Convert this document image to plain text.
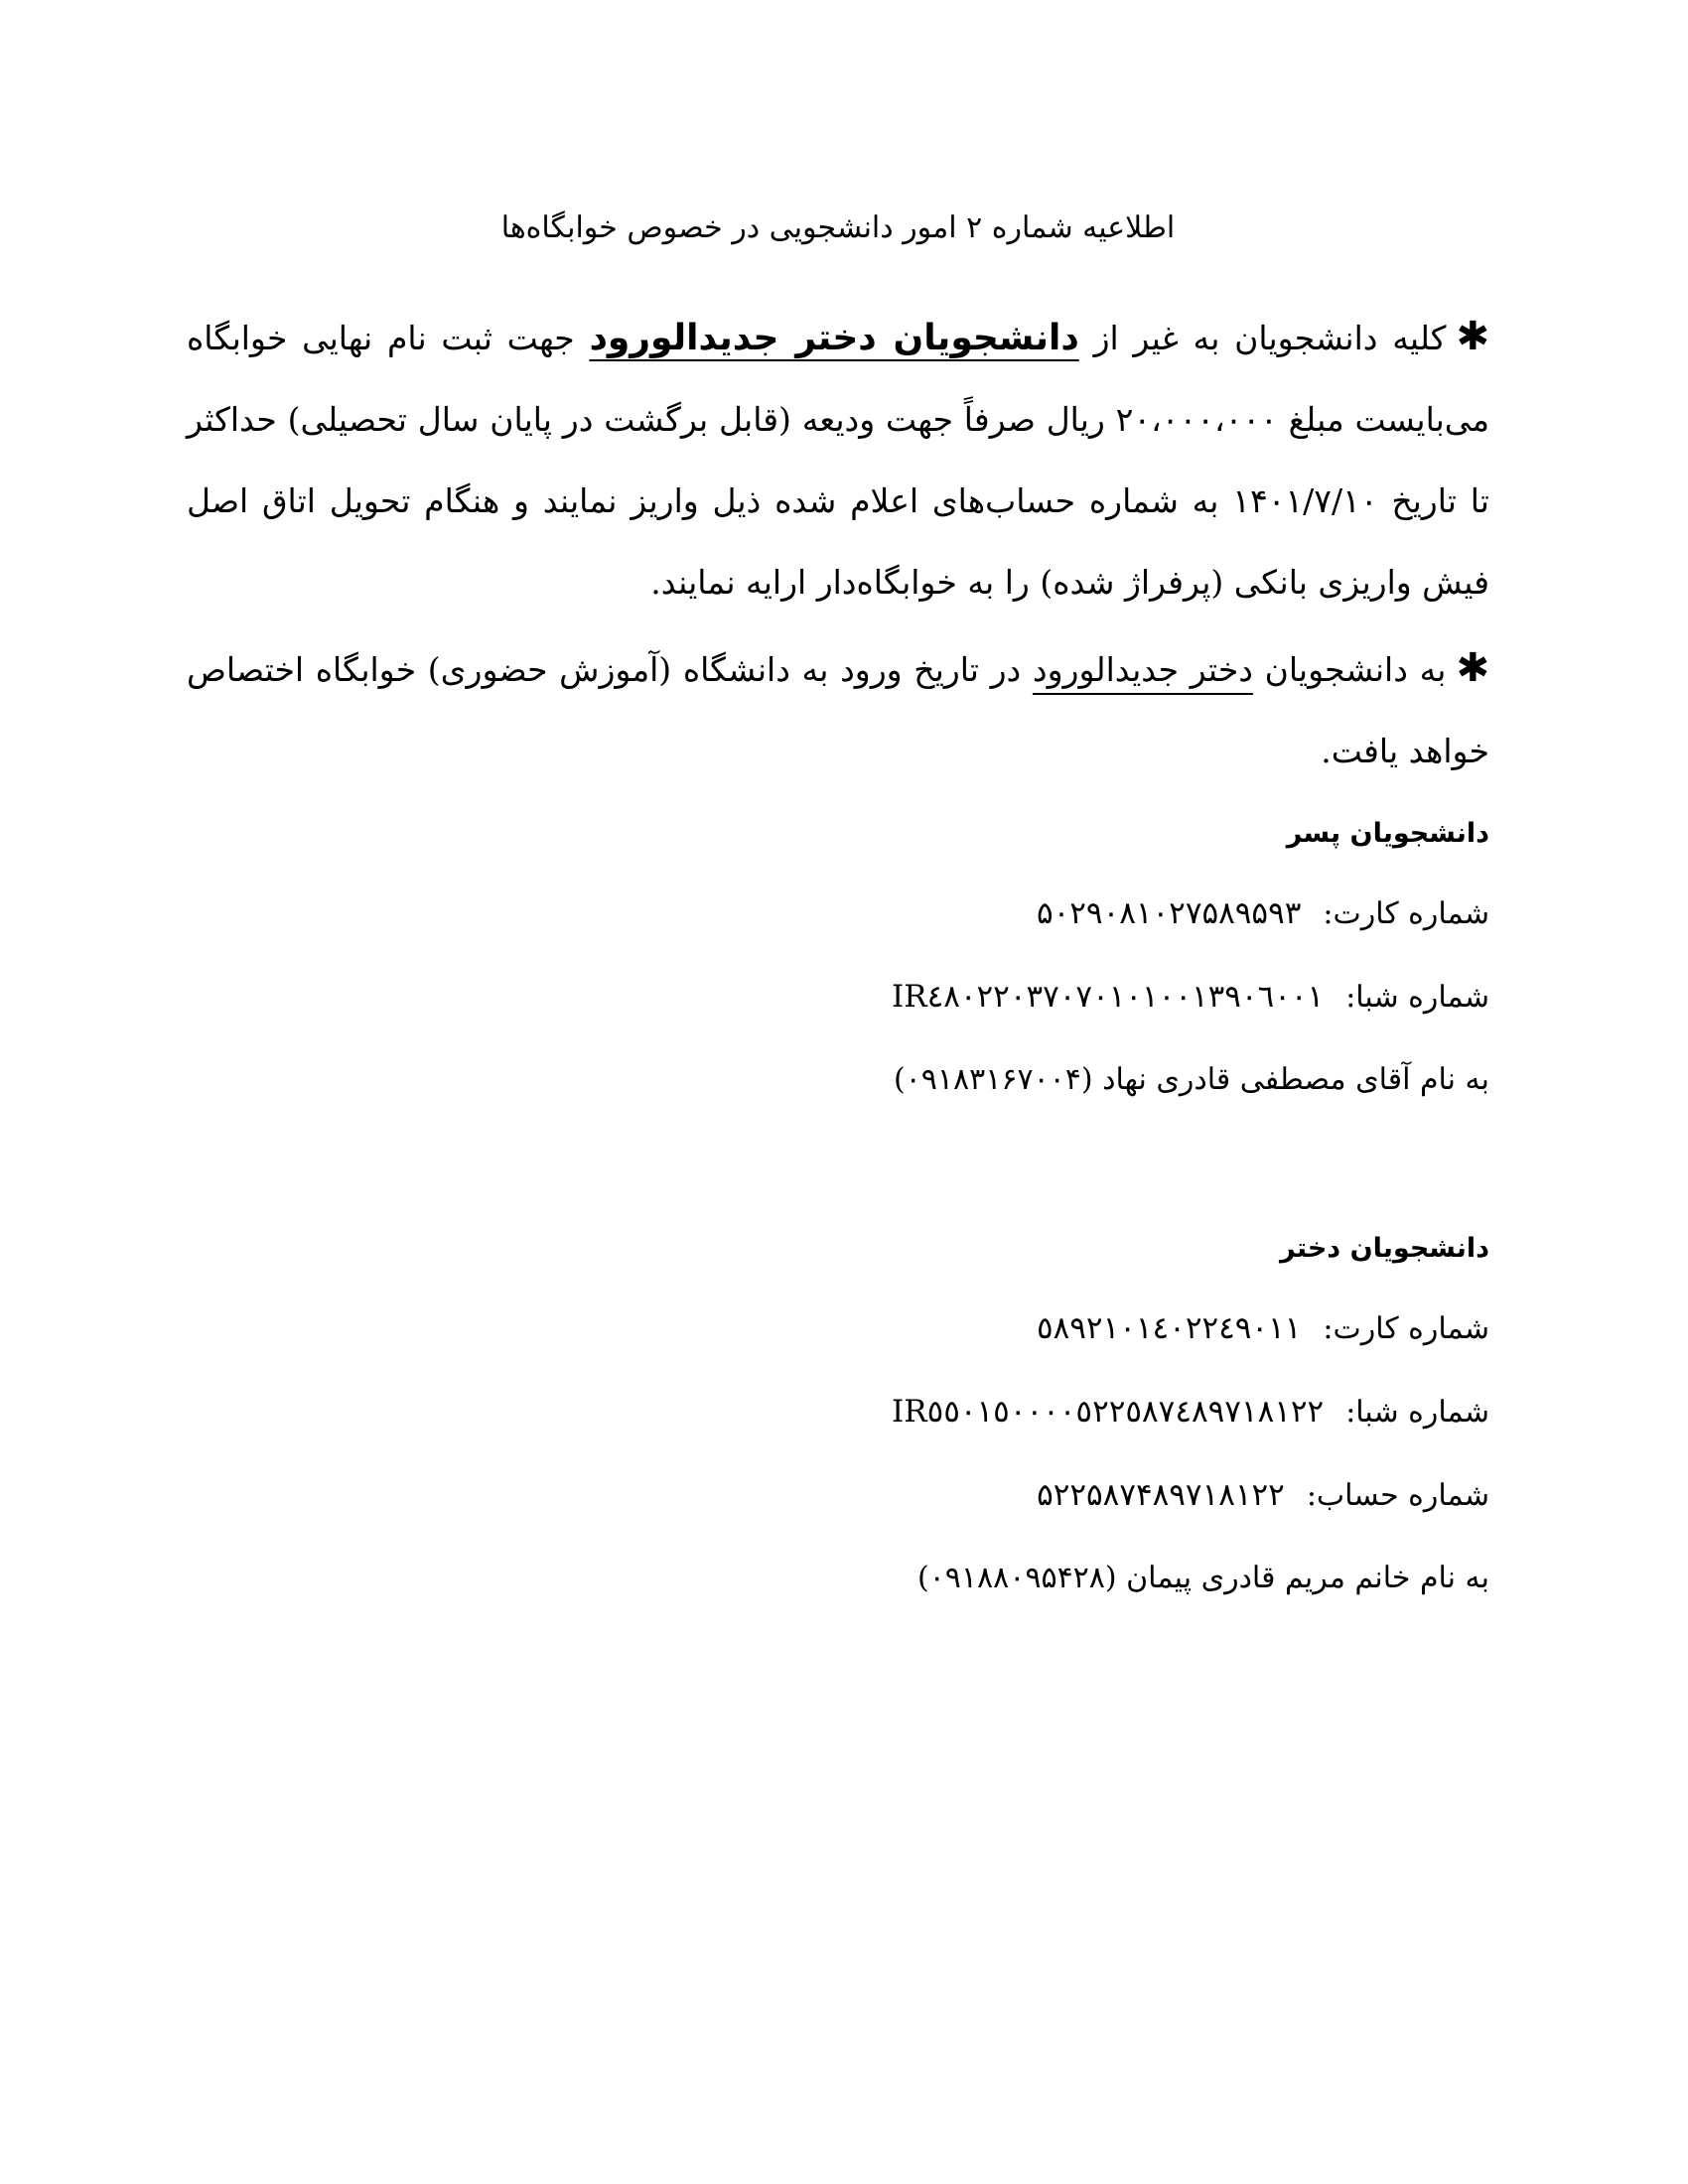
اطلاعیه شماره ۲ امور دانشجویی در خصوص خوابگاه‌ها
✱کلیه دانشجویان به غیر از دانشجویان دختر جدیدالورود جهت ثبت نام نهایی خوابگاه می‌بایست مبلغ ۲۰،۰۰۰،۰۰۰ ریال صرفاً جهت ودیعه (قابل برگشت در پایان سال تحصیلی) حداکثر تا تاریخ ۱۴۰۱/۷/۱۰ به شماره حساب‌های اعلام شده ذیل واریز نمایند و هنگام تحویل اتاق اصل فیش واریزی بانکی (پرفراژ شده) را به خوابگاه‌دار ارایه نمایند.
✱به دانشجویان دختر جدیدالورود در تاریخ ورود به دانشگاه (آموزش حضوری) خوابگاه اختصاص خواهد یافت.
دانشجویان پسر
شماره کارت:۵۰۲۹۰۸۱۰۲۷۵۸۹۵۹۳
شماره شبا:IR٤٨٠٢٢٠٣٧٠٧٠١٠١٠٠١٣٩٠٦٠٠١
به نام آقای مصطفی قادری نهاد (۰۹۱۸۳۱۶۷۰۰۴)
دانشجویان دختر
شماره کارت:٥٨٩٢١٠١٤٠٢٢٤٩٠١١
شماره شبا:IR٥٥٠١٥٠٠٠٠٥٢٢٥٨٧٤٨٩٧١٨١٢٢
شماره حساب:۵۲۲۵۸۷۴۸۹۷۱۸۱۲۲
به نام خانم مریم قادری پیمان (۰۹۱۸۸۰۹۵۴۲۸)
